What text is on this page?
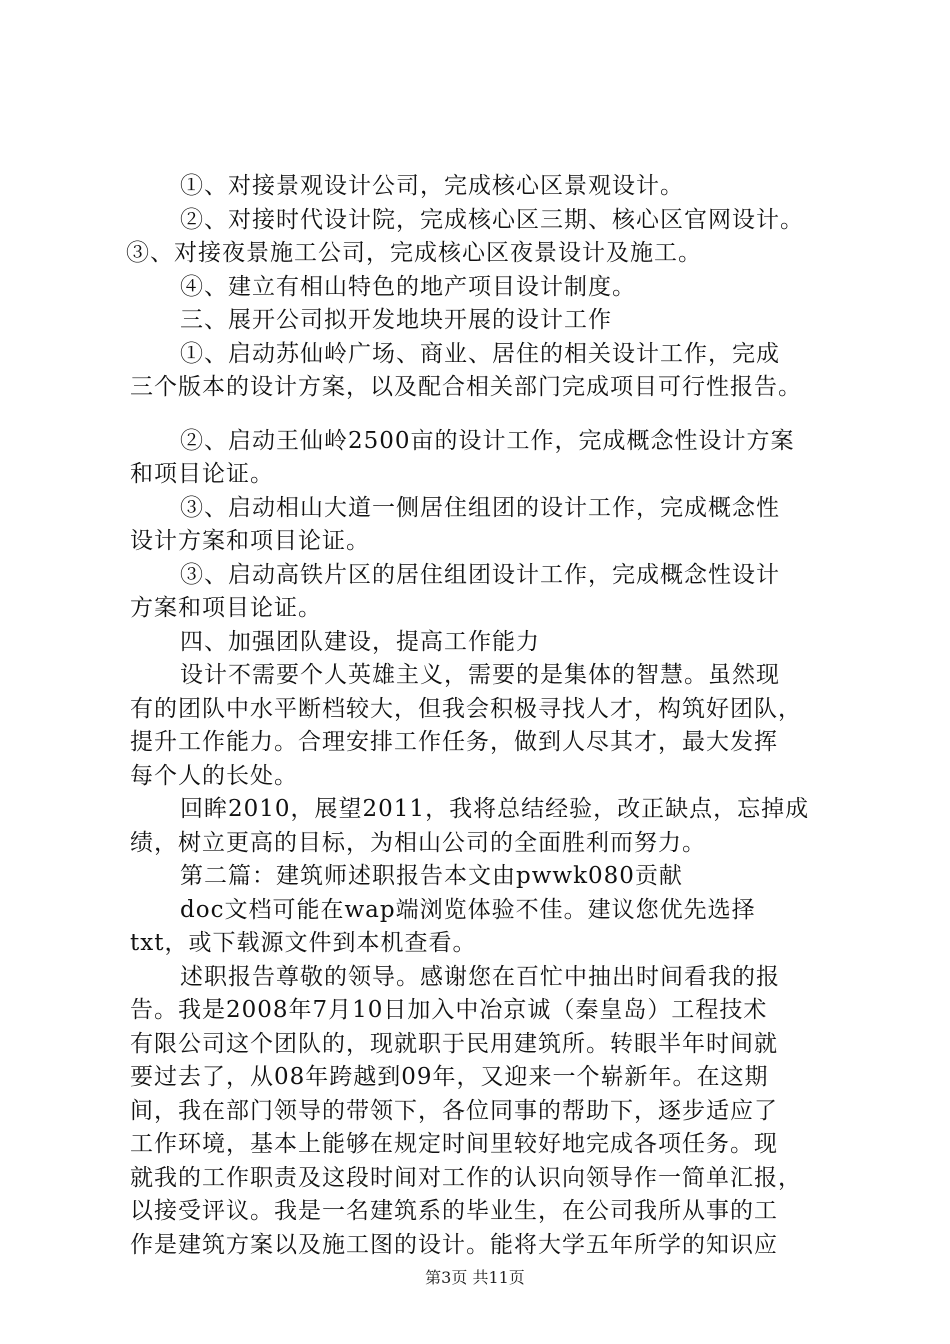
①、对接景观设计公司，完成核心区景观设计。
②、对接时代设计院，完成核心区三期、核心区官网设计。
③、对接夜景施工公司，完成核心区夜景设计及施工。
④、建立有相山特色的地产项目设计制度。
三、展开公司拟开发地块开展的设计工作
①、启动苏仙岭广场、商业、居住的相关设计工作，完成
三个版本的设计方案，以及配合相关部门完成项目可行性报告。
②、启动王仙岭2500亩的设计工作，完成概念性设计方案
和项目论证。
③、启动相山大道一侧居住组团的设计工作，完成概念性
设计方案和项目论证。
③、启动高铁片区的居住组团设计工作，完成概念性设计
方案和项目论证。
四、加强团队建设，提高工作能力
设计不需要个人英雄主义，需要的是集体的智慧。虽然现
有的团队中水平断档较大，但我会积极寻找人才，构筑好团队，
提升工作能力。合理安排工作任务，做到人尽其才，最大发挥
每个人的长处。
回眸2010，展望2011，我将总结经验，改正缺点，忘掉成
绩，树立更高的目标，为相山公司的全面胜利而努力。
第二篇：建筑师述职报告本文由pwwk080贡献
doc文档可能在wap端浏览体验不佳。建议您优先选择
txt，或下载源文件到本机查看。
述职报告尊敬的领导。感谢您在百忙中抽出时间看我的报
告。我是2008年7月10日加入中冶京诚（秦皇岛）工程技术
有限公司这个团队的，现就职于民用建筑所。转眼半年时间就
要过去了，从08年跨越到09年，又迎来一个崭新年。在这期
间，我在部门领导的带领下，各位同事的帮助下，逐步适应了
工作环境，基本上能够在规定时间里较好地完成各项任务。现
就我的工作职责及这段时间对工作的认识向领导作一简单汇报，
以接受评议。我是一名建筑系的毕业生，在公司我所从事的工
作是建筑方案以及施工图的设计。能将大学五年所学的知识应
第3页 共11页
